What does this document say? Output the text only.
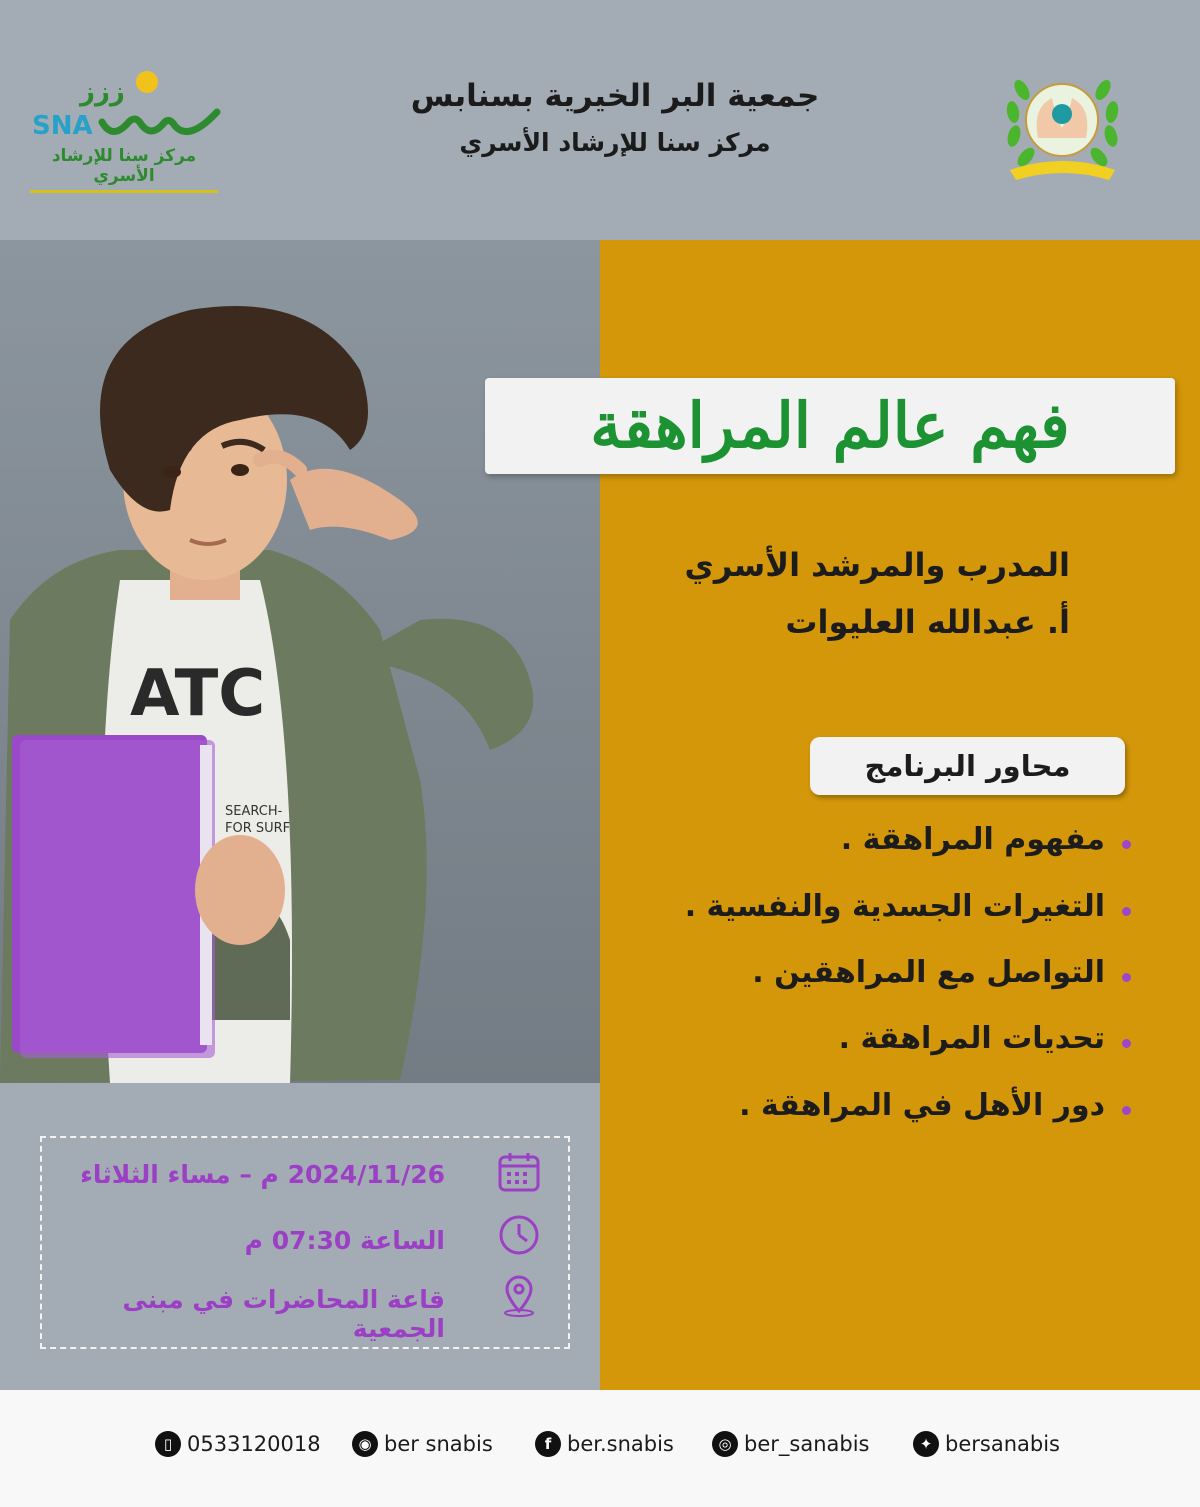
ززز
SNA
مركز سنا للإرشاد الأسري
جمعية البر الخيرية بسنابس
مركز سنا للإرشاد الأسري
ATC
SEARCH-
FOR SURF
فهم عالم المراهقة
المدرب والمرشد الأسري
أ. عبدالله العليوات
محاور البرنامج
مفهوم المراهقة .
التغيرات الجسدية والنفسية .
التواصل مع المراهقين .
تحديات المراهقة .
دور الأهل في المراهقة .
2024/11/26 م – مساء الثلاثاء
الساعة 07:30 م
قاعة المحاضرات في مبنى الجمعية
▯ 0533120018	◉ ber snabis	f ber.snabis	◎ ber_sanabis	✦ bersanabis
